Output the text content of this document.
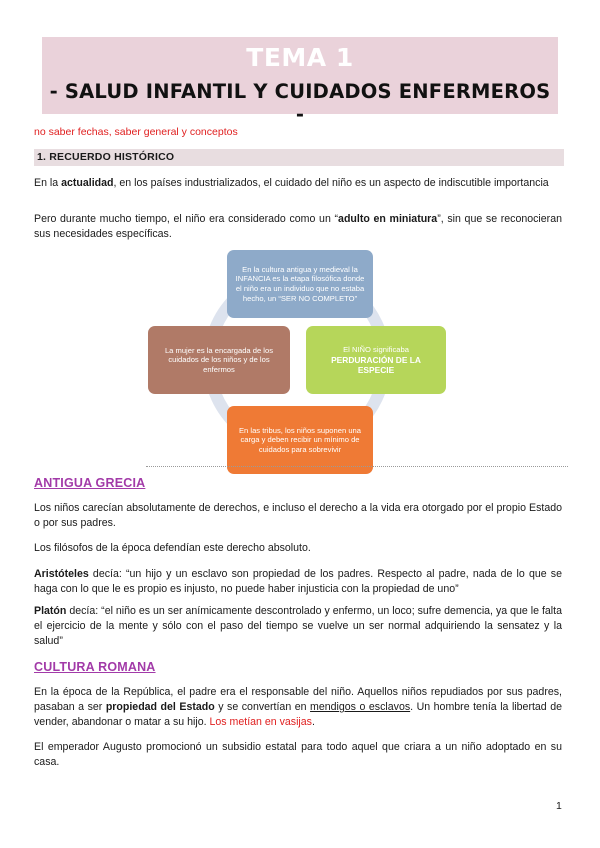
TEMA 1
- SALUD INFANTIL Y CUIDADOS ENFERMEROS -
no saber fechas, saber general y conceptos
1. RECUERDO HISTÓRICO
En la actualidad, en los países industrializados, el cuidado del niño es un aspecto de indiscutible importancia
Pero durante mucho tiempo, el niño era considerado como un “adulto en miniatura”, sin que se reconocieran sus necesidades específicas.
En la cultura antigua y medieval la INFANCIA es la etapa filosófica donde el niño era un individuo que no estaba hecho, un “SER NO COMPLETO”
El NIÑO significaba
PERDURACIÓN DE LA ESPECIE
En las tribus, los niños suponen una carga y deben recibir un mínimo de cuidados para sobrevivir
La mujer es la encargada de los cuidados de los niños y de los enfermos
ANTIGUA GRECIA
Los niños carecían absolutamente de derechos, e incluso el derecho a la vida era otorgado por el propio Estado o por sus padres.
Los filósofos de la época defendían este derecho absoluto.
Aristóteles decía: “un hijo y un esclavo son propiedad de los padres. Respecto al padre, nada de lo que se haga con lo que le es propio es injusto, no puede haber injusticia con la propiedad de uno”
Platón decía: “el niño es un ser anímicamente descontrolado y enfermo, un loco; sufre demencia, ya que le falta el ejercicio de la mente y sólo con el paso del tiempo se vuelve un ser normal adquiriendo la sensatez y la salud”
CULTURA ROMANA
En la época de la República, el padre era el responsable del niño. Aquellos niños repudiados por sus padres, pasaban a ser propiedad del Estado y se convertían en mendigos o esclavos. Un hombre tenía la libertad de vender, abandonar o matar a su hijo. Los metían en vasijas.
El emperador Augusto promocionó un subsidio estatal para todo aquel que criara a un niño adoptado en su casa.
1
